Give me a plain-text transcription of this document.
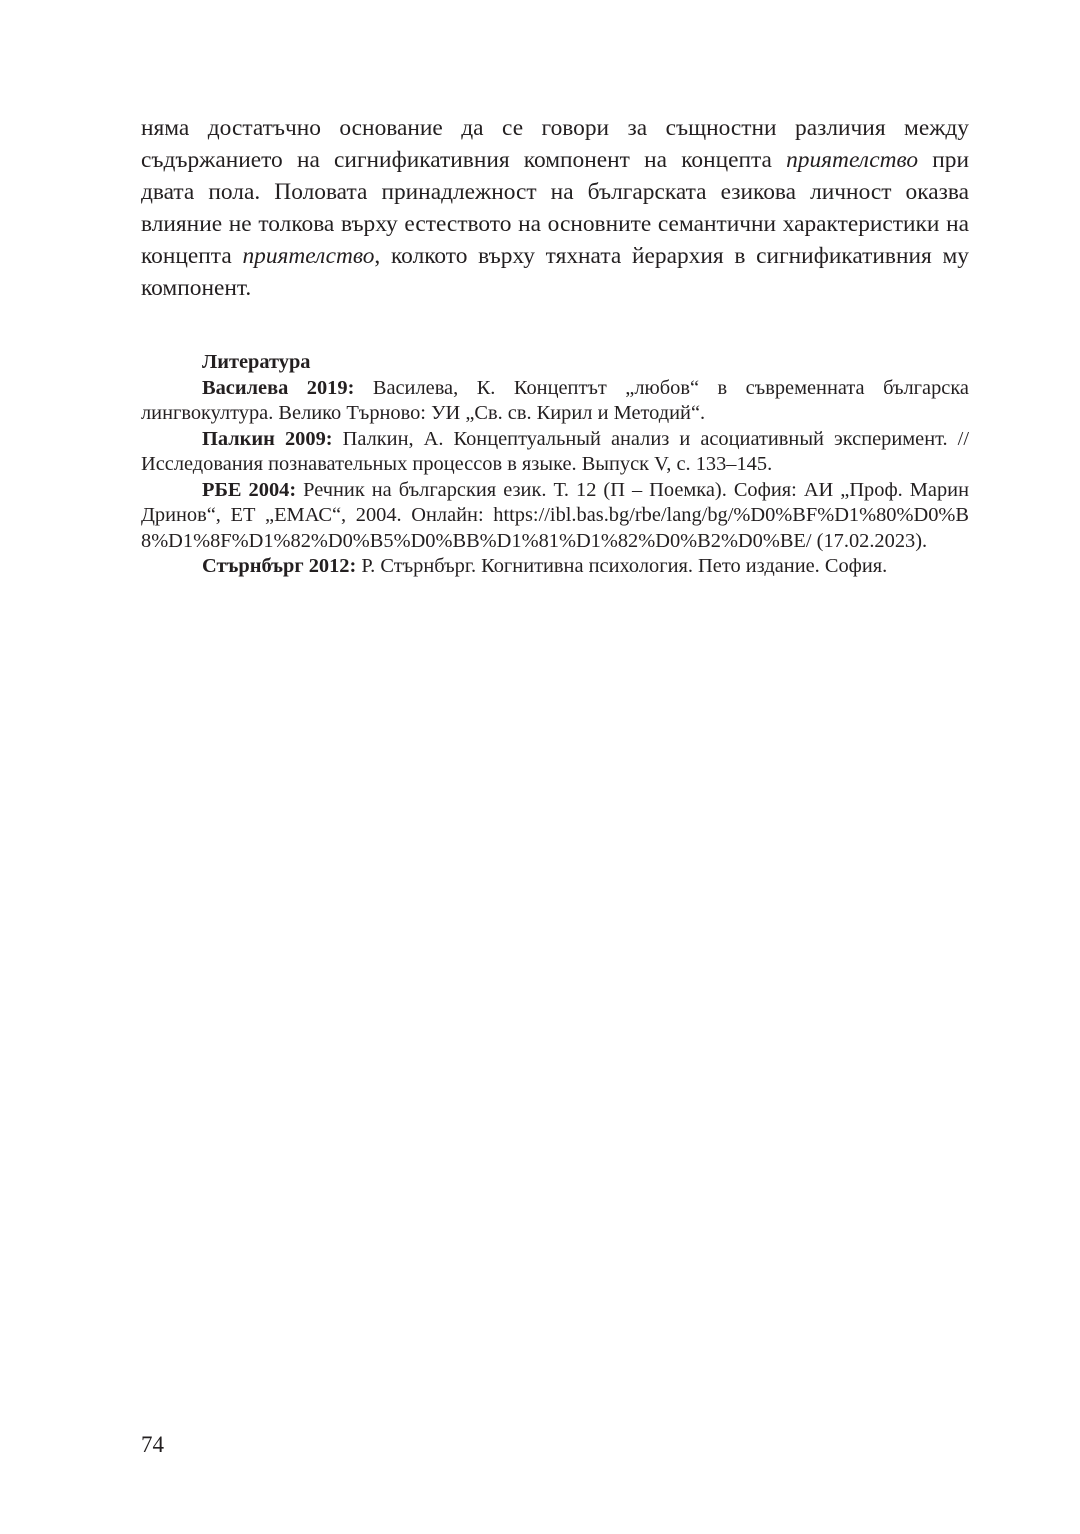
няма достатъчно основание да се говори за същностни различия между съдържанието на сигнификативния компонент на концепта приятелство при двата пола. Половата принадлежност на българската езикова личност оказва влияние не толкова върху естеството на основните семантични характеристики на концепта приятелство, колкото върху тяхната йерархия в сигнификативния му компонент.

Литература

Василева 2019: Василева, К. Концептът „любов“ в съвременната българска лингвокултура. Велико Търново: УИ „Св. св. Кирил и Методий“.

Палкин 2009: Палкин, А. Концептуальный анализ и асоциативный эксперимент. // Исследования познавательных процессов в языке. Выпуск V, с. 133–145.

РБЕ 2004: Речник на българския език. Т. 12 (П – Поемка). София: АИ „Проф. Марин Дринов“, ЕТ „ЕМАС“, 2004. Онлайн: https://ibl.bas.bg/rbe/lang/bg/%D0%BF%D1%80%D0%B8%D1%8F%D1%82%D0%B5%D0%BB%D1%81%D1%82%D0%B2%D0%BE/ (17.02.2023).

Стърнбърг 2012: Р. Стърнбърг. Когнитивна психология. Пето издание. София.

74
